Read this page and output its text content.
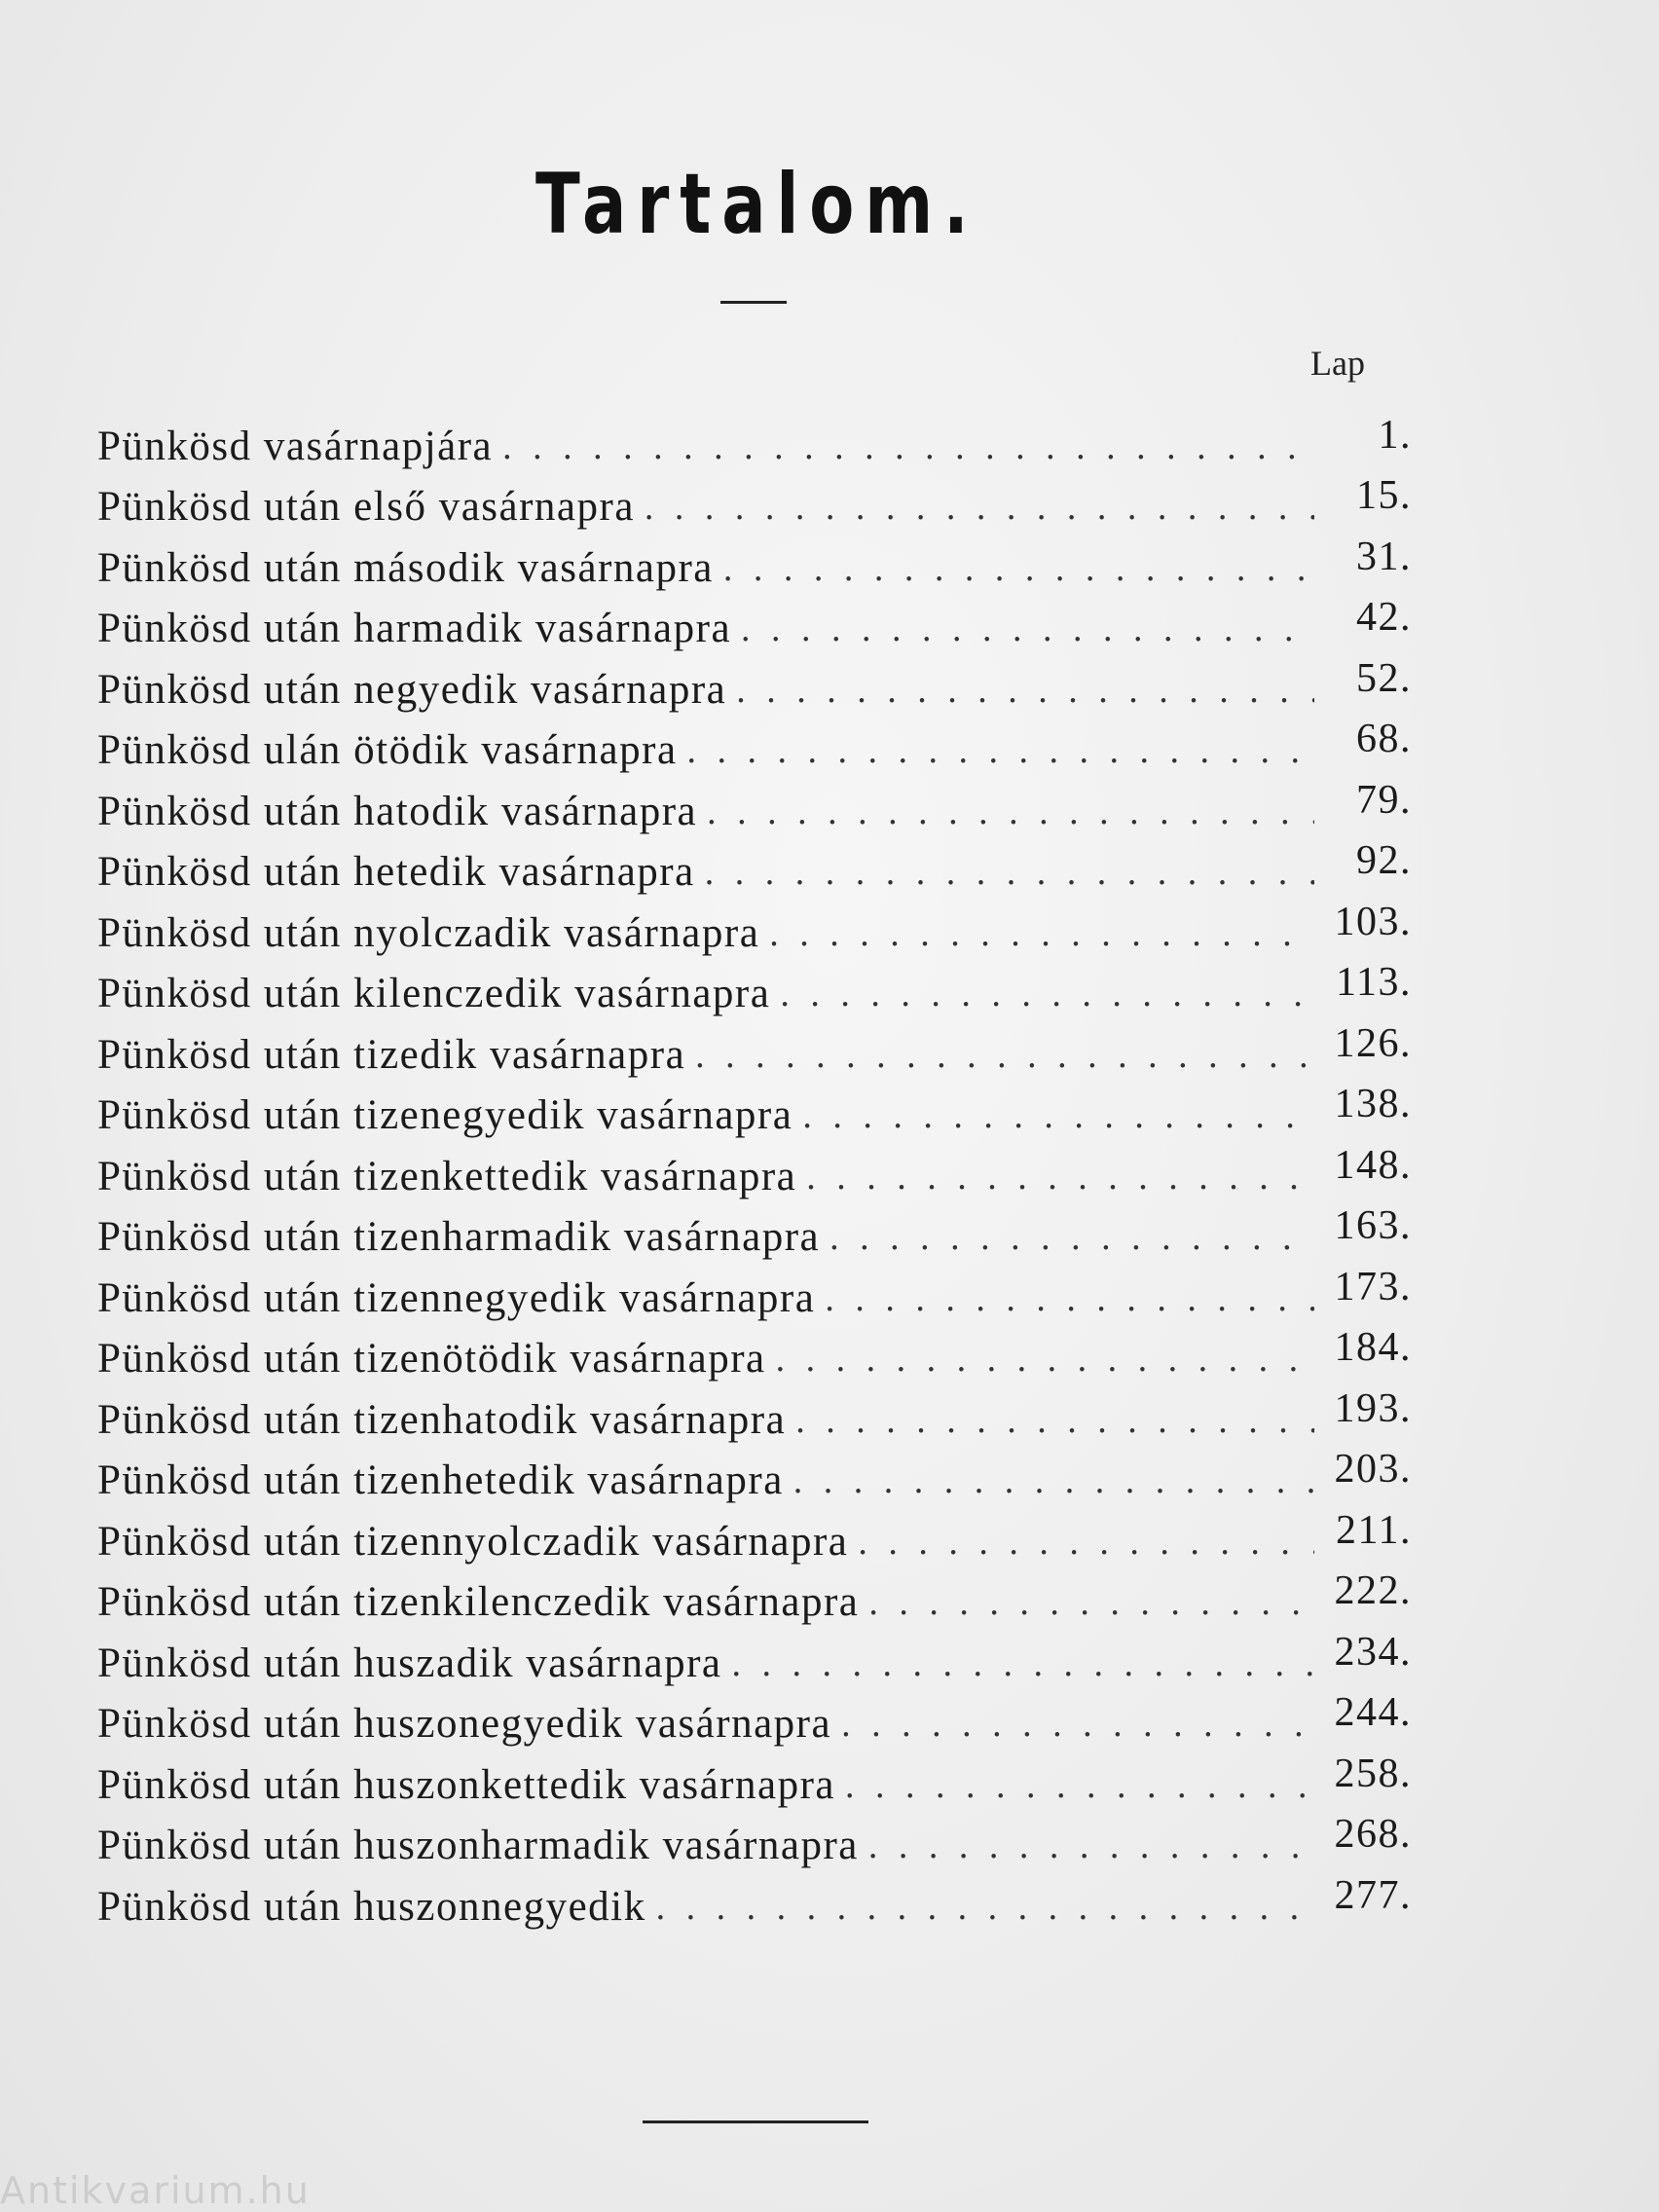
Tartalom.
Lap
Pünkösd vasárnapjára . . .	1.
Pünkösd után első vasárnapra . . .	15.
Pünkösd után második vasárnapra . . .	31.
Pünkösd után harmadik vasárnapra . . .	42.
Pünkösd után negyedik vasárnapra . . .	52.
Pünkösd ulán ötödik vasárnapra . . .	68.
Pünkösd után hatodik vasárnapra . . .	79.
Pünkösd után hetedik vasárnapra . . .	92.
Pünkösd után nyolczadik vasárnapra . . .	103.
Pünkösd után kilenczedik vasárnapra . . .	113.
Pünkösd után tizedik vasárnapra . . .	126.
Pünkösd után tizenegyedik vasárnapra . . .	138.
Pünkösd után tizenkettedik vasárnapra . . .	148.
Pünkösd után tizenharmadik vasárnapra . . .	163.
Pünkösd után tizennegyedik vasárnapra . . .	173.
Pünkösd után tizenötödik vasárnapra . . .	184.
Pünkösd után tizenhatodik vasárnapra . . .	193.
Pünkösd után tizenhetedik vasárnapra . . .	203.
Pünkösd után tizennyolczadik vasárnapra . . .	211.
Pünkösd után tizenkilenczedik vasárnapra . . .	222.
Pünkösd után huszadik vasárnapra . . .	234.
Pünkösd után huszonegyedik vasárnapra . . .	244.
Pünkösd után huszonkettedik vasárnapra . . .	258.
Pünkösd után huszonharmadik vasárnapra . . .	268.
Pünkösd után huszonnegyedik . . .	277.
Antikvarium.hu
